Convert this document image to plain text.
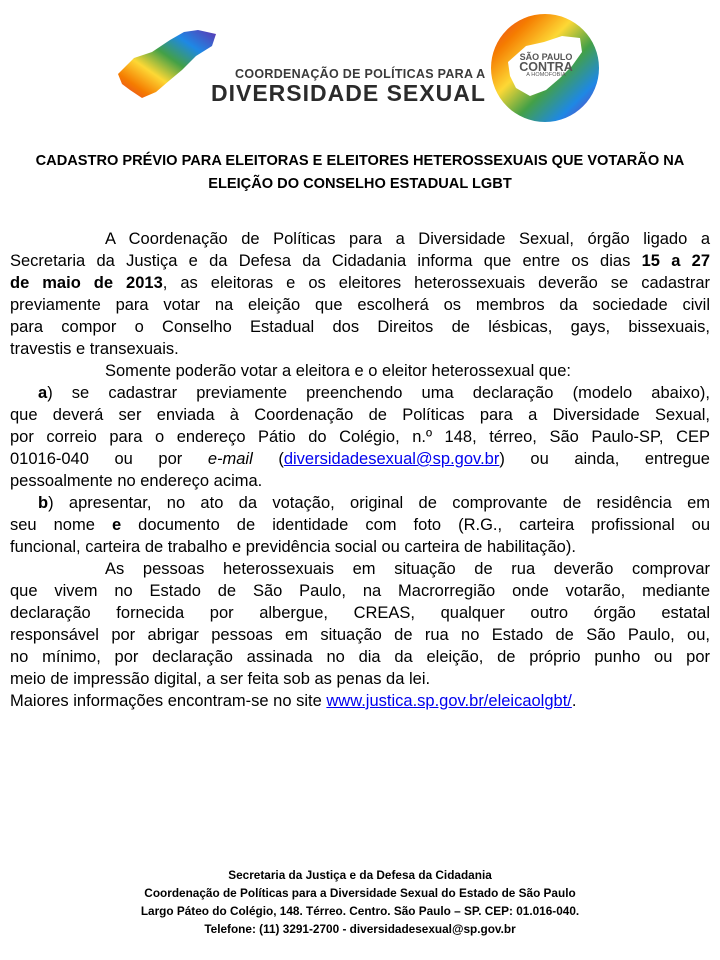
COORDENAÇÃO DE POLÍTICAS PARA A
DIVERSIDADE SEXUAL
SÃO PAULO
CONTRA
A HOMOFOBIA
CADASTRO PRÉVIO PARA ELEITORAS E ELEITORES HETEROSSEXUAIS QUE VOTARÃO NA
ELEIÇÃO DO CONSELHO ESTADUAL LGBT
A Coordenação de Políticas para a Diversidade Sexual, órgão ligado a
Secretaria da Justiça e da Defesa da Cidadania informa que entre os dias 15 a 27
de maio de 2013, as eleitoras e os eleitores heterossexuais deverão se cadastrar
previamente para votar na eleição que escolherá os membros da sociedade civil
para compor o Conselho Estadual dos Direitos de lésbicas, gays, bissexuais,
travestis e transexuais.
Somente poderão votar a eleitora e o eleitor heterossexual que:
a) se cadastrar previamente preenchendo uma declaração (modelo abaixo),
que deverá ser enviada à Coordenação de Políticas para a Diversidade Sexual,
por correio para o endereço Pátio do Colégio, n.º 148, térreo, São Paulo-SP, CEP
01016-040 ou por e-mail (diversidadesexual@sp.gov.br) ou ainda, entregue
pessoalmente no endereço acima.
b) apresentar, no ato da votação, original de comprovante de residência em
seu nome e documento de identidade com foto (R.G., carteira profissional ou
funcional, carteira de trabalho e previdência social ou carteira de habilitação).
As pessoas heterossexuais em situação de rua deverão comprovar
que vivem no Estado de São Paulo, na Macrorregião onde votarão, mediante
declaração fornecida por albergue, CREAS, qualquer outro órgão estatal
responsável por abrigar pessoas em situação de rua no Estado de São Paulo, ou,
no mínimo, por declaração assinada no dia da eleição, de próprio punho ou por
meio de impressão digital, a ser feita sob as penas da lei.
Maiores informações encontram-se no site www.justica.sp.gov.br/eleicaolgbt/.
Secretaria da Justiça e da Defesa da Cidadania
Coordenação de Políticas para a Diversidade Sexual do Estado de São Paulo
Largo Páteo do Colégio, 148. Térreo. Centro. São Paulo – SP. CEP: 01.016-040.
Telefone: (11) 3291-2700 - diversidadesexual@sp.gov.br
